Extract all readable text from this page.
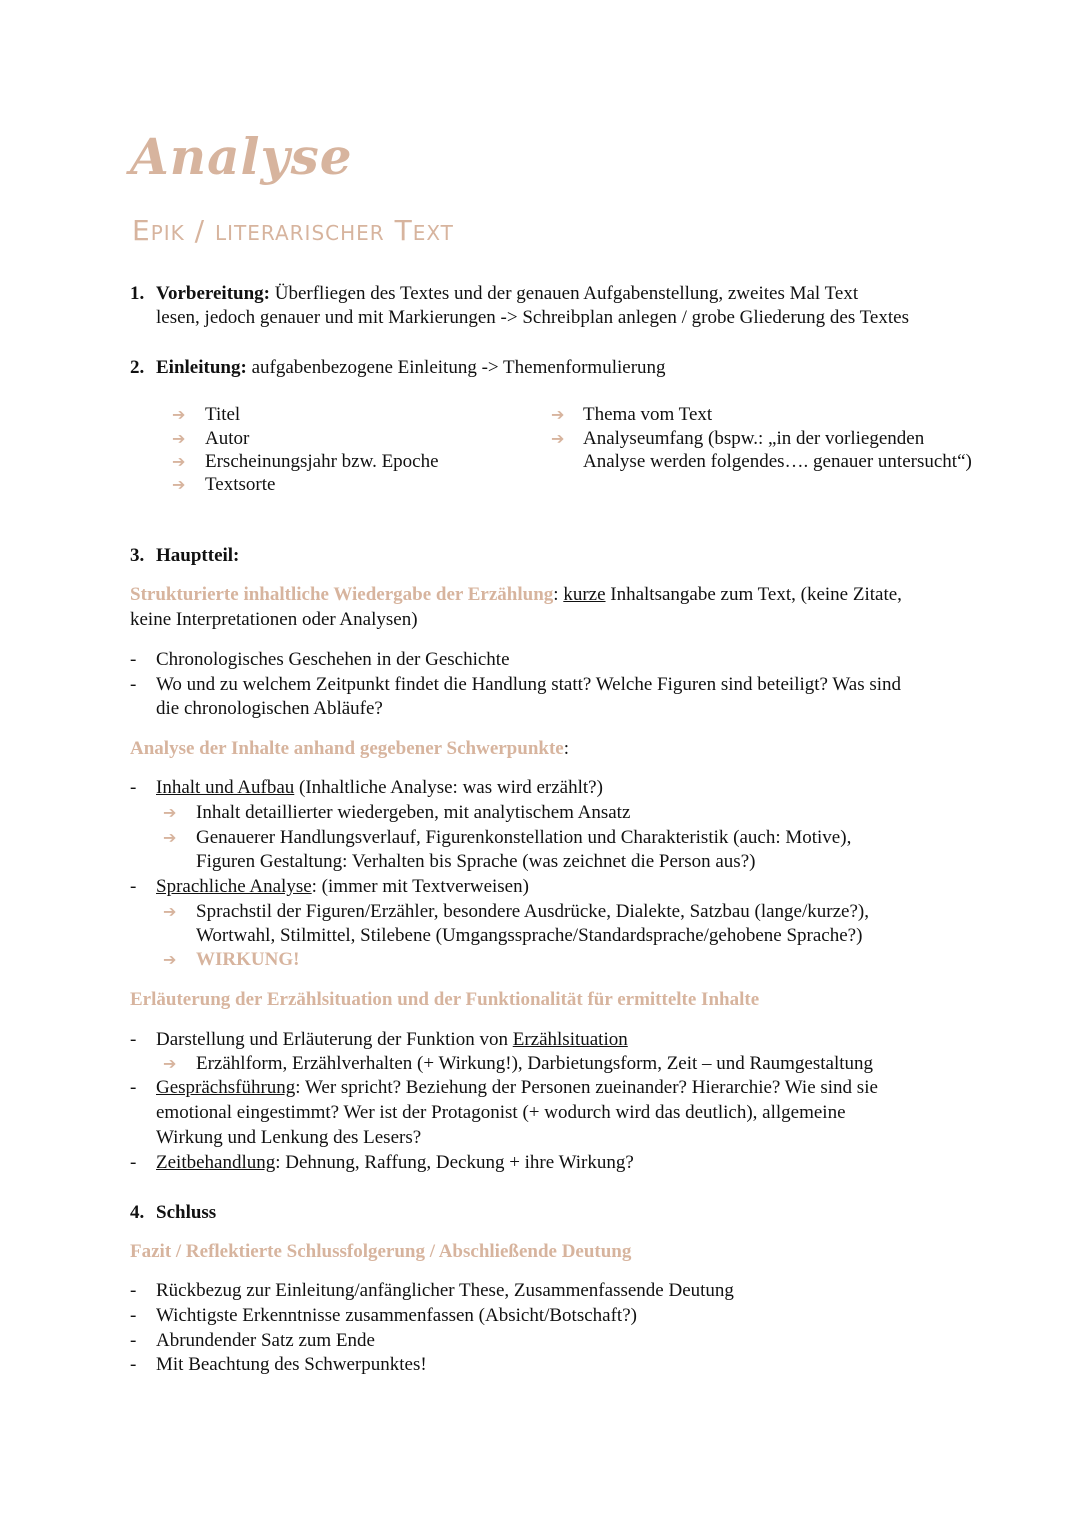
Analyse
Epik / literarischer Text
1. Vorbereitung: Überfliegen des Textes und der genauen Aufgabenstellung, zweites Mal Text
lesen, jedoch genauer und mit Markierungen -> Schreibplan anlegen / grobe Gliederung des Textes
2. Einleitung: aufgabenbezogene Einleitung -> Themenformulierung
➔ Titel
➔ Autor
➔ Erscheinungsjahr bzw. Epoche
➔ Textsorte
➔ Thema vom Text
➔ Analyseumfang (bspw.: „in der vorliegenden
Analyse werden folgendes…. genauer untersucht“)
3. Hauptteil:
Strukturierte inhaltliche Wiedergabe der Erzählung: kurze Inhaltsangabe zum Text, (keine Zitate,
keine Interpretationen oder Analysen)
- Chronologisches Geschehen in der Geschichte
- Wo und zu welchem Zeitpunkt findet die Handlung statt? Welche Figuren sind beteiligt? Was sind
die chronologischen Abläufe?
Analyse der Inhalte anhand gegebener Schwerpunkte:
- Inhalt und Aufbau (Inhaltliche Analyse: was wird erzählt?)
➔ Inhalt detaillierter wiedergeben, mit analytischem Ansatz
➔ Genauerer Handlungsverlauf, Figurenkonstellation und Charakteristik (auch: Motive),
Figuren Gestaltung: Verhalten bis Sprache (was zeichnet die Person aus?)
- Sprachliche Analyse: (immer mit Textverweisen)
➔ Sprachstil der Figuren/Erzähler, besondere Ausdrücke, Dialekte, Satzbau (lange/kurze?),
Wortwahl, Stilmittel, Stilebene (Umgangssprache/Standardsprache/gehobene Sprache?)
➔ WIRKUNG!
Erläuterung der Erzählsituation und der Funktionalität für ermittelte Inhalte
- Darstellung und Erläuterung der Funktion von Erzählsituation
➔ Erzählform, Erzählverhalten (+ Wirkung!), Darbietungsform, Zeit – und Raumgestaltung
- Gesprächsführung: Wer spricht? Beziehung der Personen zueinander? Hierarchie? Wie sind sie
emotional eingestimmt? Wer ist der Protagonist (+ wodurch wird das deutlich), allgemeine
Wirkung und Lenkung des Lesers?
- Zeitbehandlung: Dehnung, Raffung, Deckung + ihre Wirkung?
4. Schluss
Fazit / Reflektierte Schlussfolgerung / Abschließende Deutung
- Rückbezug zur Einleitung/anfänglicher These, Zusammenfassende Deutung
- Wichtigste Erkenntnisse zusammenfassen (Absicht/Botschaft?)
- Abrundender Satz zum Ende
- Mit Beachtung des Schwerpunktes!
